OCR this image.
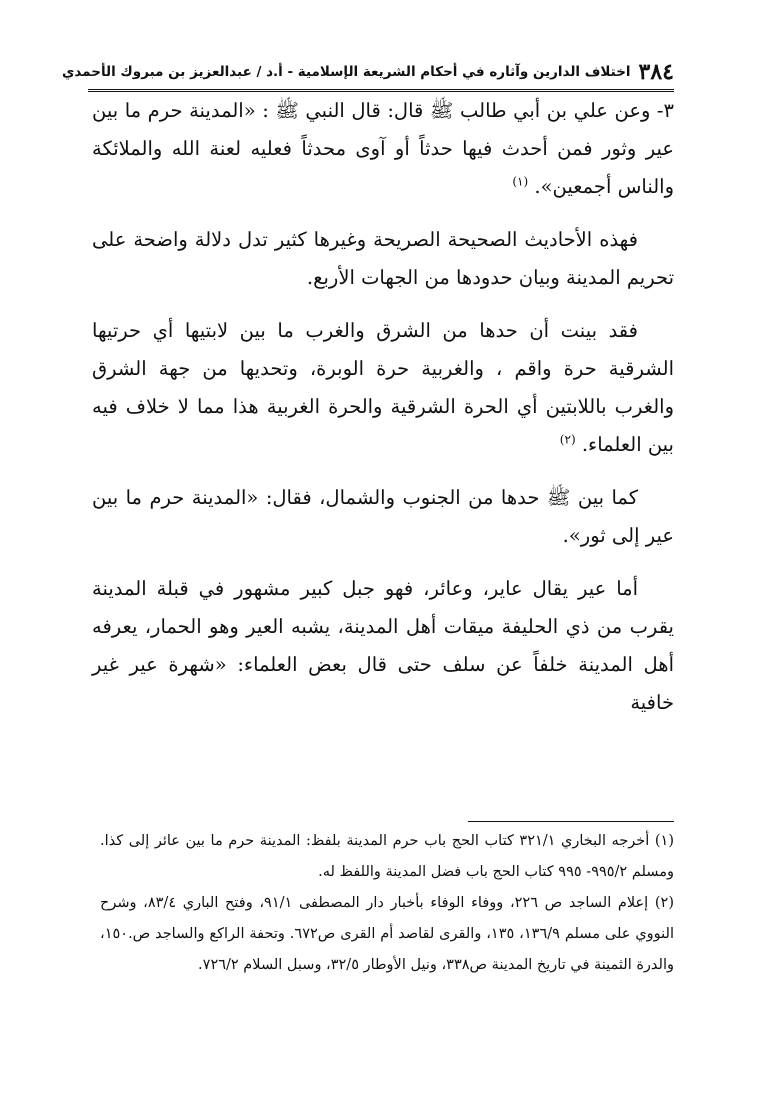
٣٨٤
اختلاف الدارين وآثاره في أحكام الشريعة الإسلامية - أ.د / عبدالعزيز بن مبروك الأحمدي

٣- وعن علي بن أبي طالب ﷺ قال: قال النبي ﷺ : «المدينة حرم ما بين عير وثور فمن أحدث فيها حدثاً أو آوى محدثاً فعليه لعنة الله والملائكة والناس أجمعين». $^{(١)}$

فهذه الأحاديث الصحيحة الصريحة وغيرها كثير تدل دلالة واضحة على تحريم المدينة وبيان حدودها من الجهات الأربع.

فقد بينت أن حدها من الشرق والغرب ما بين لابتيها أي حرتيها الشرقية حرة واقم ، والغربية حرة الوبرة، وتحديها من جهة الشرق والغرب باللابتين أي الحرة الشرقية والحرة الغربية هذا مما لا خلاف فيه بين العلماء. $^{(٢)}$

كما بين ﷺ حدها من الجنوب والشمال، فقال: «المدينة حرم ما بين عير إلى ثور».

أما عير يقال عاير، وعائر، فهو جبل كبير مشهور في قبلة المدينة يقرب من ذي الحليفة ميقات أهل المدينة، يشبه العير وهو الحمار، يعرفه أهل المدينة خلفاً عن سلف حتى قال بعض العلماء: «شهرة عير غير خافية

(١) أخرجه البخاري ٣٢١/١ كتاب الحج باب حرم المدينة بلفظ: المدينة حرم ما بين عائر إلى كذا. ومسلم ٩٩٥/٢- ٩٩٥ كتاب الحج باب فضل المدينة واللفظ له.

(٢) إعلام الساجد ص ٢٢٦، ووفاء الوفاء بأخبار دار المصطفى ٩١/١، وفتح الباري ٨٣/٤، وشرح النووي على مسلم ١٣٦/٩، ١٣٥، والقرى لقاصد أم القرى ص٦٧٢. وتحفة الراكع والساجد ص.١٥٠، والدرة الثمينة في تاريخ المدينة ص٣٣٨، ونيل الأوطار ٣٢/٥، وسبل السلام ٧٢٦/٢.
